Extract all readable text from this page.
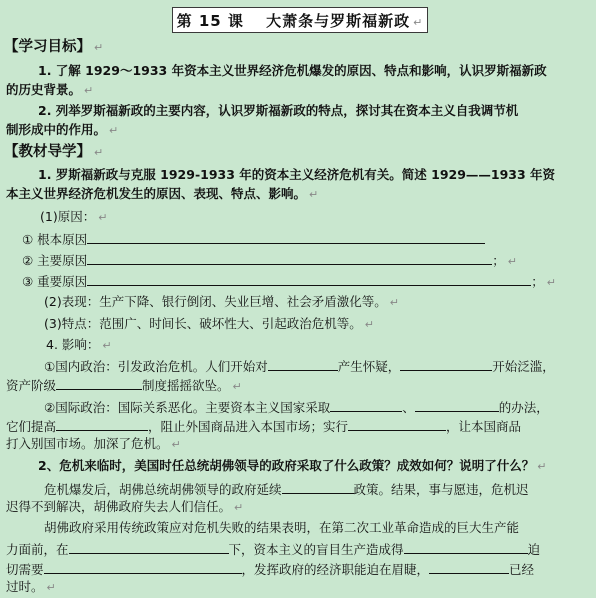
第 15 课　 大萧条与罗斯福新政 ↵
【学习目标】 ↵
1. 了解 1929～1933 年资本主义世界经济危机爆发的原因、特点和影响，认识罗斯福新政
的历史背景。 ↵
2. 列举罗斯福新政的主要内容，认识罗斯福新政的特点，探讨其在资本主义自我调节机
制形成中的作用。 ↵
【教材导学】 ↵
1. 罗斯福新政与克服 1929-1933 年的资本主义经济危机有关。简述 1929——1933 年资
本主义世界经济危机发生的原因、表现、特点、影响。 ↵
(1)原因： ↵
① 根本原因
② 主要原因	； ↵
③ 重要原因	； ↵
(2)表现：生产下降、银行倒闭、失业巨增、社会矛盾激化等。 ↵
(3)特点：范围广、时间长、破坏性大、引起政治危机等。 ↵
4. 影响： ↵
①国内政治：引发政治危机。人们开始对	产生怀疑，	开始泛滥，
资产阶级	制度摇摇欲坠。 ↵
②国际政治：国际关系恶化。主要资本主义国家采取	、	的办法，
它们提高	，阻止外国商品进入本国市场；实行	，让本国商品
打入别国市场。加深了危机。 ↵
2、危机来临时，美国时任总统胡佛领导的政府采取了什么政策？成效如何？说明了什么？ ↵
危机爆发后，胡佛总统胡佛领导的政府延续	政策。结果，事与愿违，危机迟
迟得不到解决，胡佛政府失去人们信任。 ↵
胡佛政府采用传统政策应对危机失败的结果表明，在第二次工业革命造成的巨大生产能
力面前，在	下，资本主义的盲目生产造成得	迫
切需要	，发挥政府的经济职能迫在眉睫，	已经
过时。 ↵
